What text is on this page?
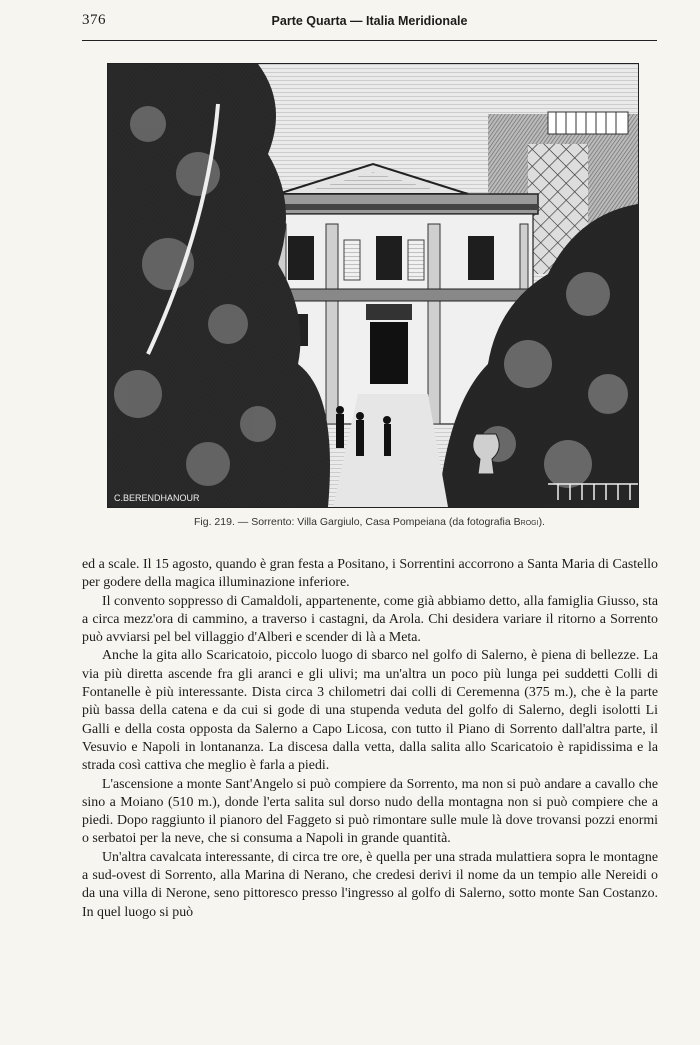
376	Parte Quarta — Italia Meridionale
C.BERENDHANOUR
Fig. 219. — Sorrento: Villa Gargiulo, Casa Pompeiana (da fotografia Brogi).

ed a scale. Il 15 agosto, quando è gran festa a Positano, i Sorrentini accorrono a Santa Maria di Castello per godere della magica illuminazione inferiore.

Il convento soppresso di Camaldoli, appartenente, come già abbiamo detto, alla famiglia Giusso, sta a circa mezz'ora di cammino, a traverso i castagni, da Arola. Chi desidera variare il ritorno a Sorrento può avviarsi pel bel villaggio d'Alberi e scender di là a Meta.

Anche la gita allo Scaricatoio, piccolo luogo di sbarco nel golfo di Salerno, è piena di bellezze. La via più diretta ascende fra gli aranci e gli ulivi; ma un'altra un poco più lunga pei suddetti Colli di Fontanelle è più interessante. Dista circa 3 chilometri dai colli di Ceremenna (375 m.), che è la parte più bassa della catena e da cui si gode di una stupenda veduta del golfo di Salerno, degli isolotti Li Galli e della costa opposta da Salerno a Capo Licosa, con tutto il Piano di Sorrento dall'altra parte, il Vesuvio e Napoli in lontananza. La discesa dalla vetta, dalla salita allo Scaricatoio è rapidissima e la strada così cattiva che meglio è farla a piedi.

L'ascensione a monte Sant'Angelo si può compiere da Sorrento, ma non si può andare a cavallo che sino a Moiano (510 m.), donde l'erta salita sul dorso nudo della montagna non si può compiere che a piedi. Dopo raggiunto il pianoro del Faggeto si può rimontare sulle mule là dove trovansi pozzi enormi o serbatoi per la neve, che si consuma a Napoli in grande quantità.

Un'altra cavalcata interessante, di circa tre ore, è quella per una strada mulattiera sopra le montagne a sud-ovest di Sorrento, alla Marina di Nerano, che credesi derivi il nome da un tempio alle Nereidi o da una villa di Nerone, seno pittoresco presso l'ingresso al golfo di Salerno, sotto monte San Costanzo. In quel luogo si può
